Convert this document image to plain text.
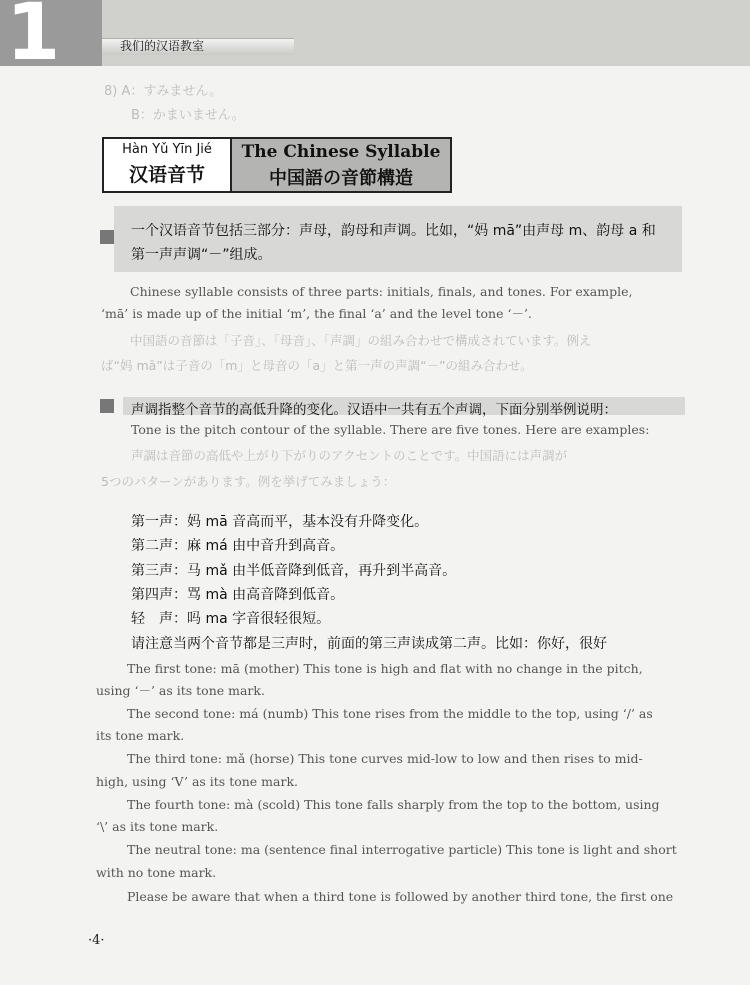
1	我们的汉语教室
8) A：すみません。
B：かまいません。
Hàn Yǔ Yīn Jié
汉语音节
The Chinese Syllable
中国語の音節構造
一个汉语音节包括三部分：声母，韵母和声调。比如，“妈 mā”由声母 m、韵母 a 和
第一声声调“－”组成。
Chinese syllable consists of three parts: initials, finals, and tones. For example,
‘mā’ is made up of the initial ‘m’, the final ‘a’ and the level tone ‘－’.
中国語の音節は「子音」、「母音」、「声調」の組み合わせで構成されています。例え
ば“妈 mā”は子音の「m」と母音の「a」と第一声の声調“－”の組み合わせ。
声调指整个音节的高低升降的变化。汉语中一共有五个声调，下面分别举例说明：
Tone is the pitch contour of the syllable. There are five tones. Here are examples:
声調は音節の高低や上がり下がりのアクセントのことです。中国語には声調が
5つのパターンがあります。例を挙げてみましょう：
第一声：妈 mā 音高而平，基本没有升降变化。
第二声：麻 má 由中音升到高音。
第三声：马 mǎ 由半低音降到低音，再升到半高音。
第四声：骂 mà 由高音降到低音。
轻　声：吗 ma 字音很轻很短。
请注意当两个音节都是三声时，前面的第三声读成第二声。比如：你好，很好
The first tone: mā (mother) This tone is high and flat with no change in the pitch,
using ‘－’ as its tone mark.
The second tone: má (numb) This tone rises from the middle to the top, using ‘/’ as
its tone mark.
The third tone: mǎ (horse) This tone curves mid-low to low and then rises to mid-
high, using ‘V’ as its tone mark.
The fourth tone: mà (scold) This tone falls sharply from the top to the bottom, using
‘\’ as its tone mark.
The neutral tone: ma (sentence final interrogative particle) This tone is light and short
with no tone mark.
Please be aware that when a third tone is followed by another third tone, the first one
·4·
